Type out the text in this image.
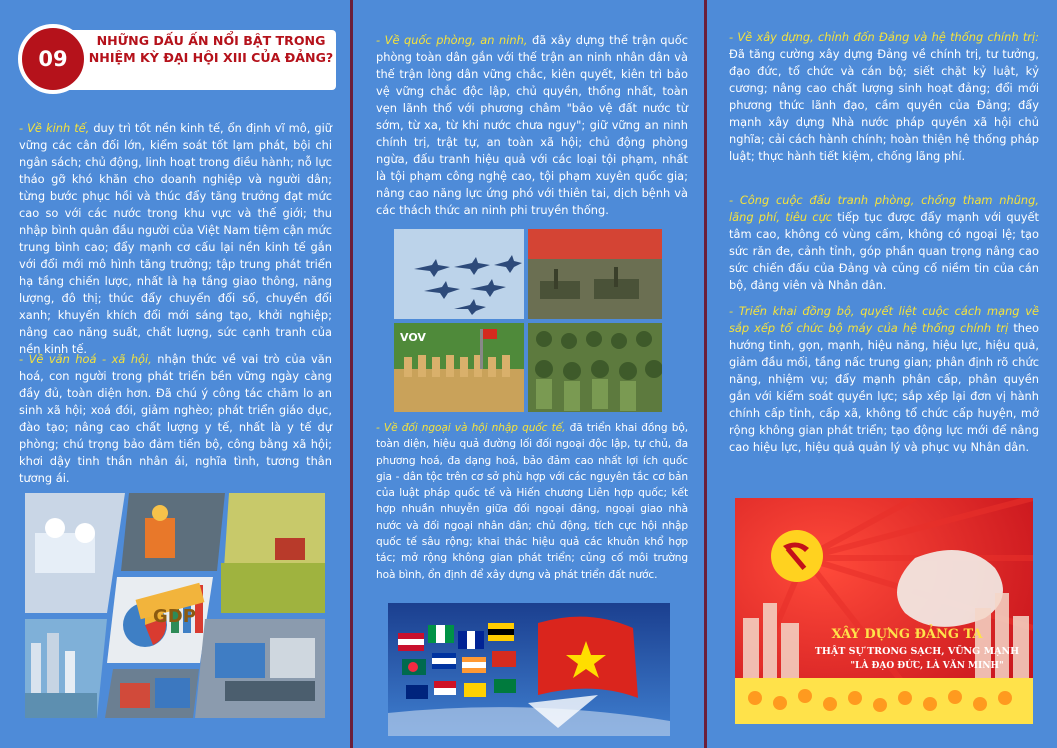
09
NHỮNG DẤU ẤN NỔI BẬT TRONG NHIỆM KỲ ĐẠI HỘI XIII CỦA ĐẢNG?

- Về kinh tế, duy trì tốt nền kinh tế, ổn định vĩ mô, giữ vững các cân đối lớn, kiểm soát tốt lạm phát, bội chi ngân sách; chủ động, linh hoạt trong điều hành; nỗ lực tháo gỡ khó khăn cho doanh nghiệp và người dân; từng bước phục hồi và thúc đẩy tăng trưởng đạt mức cao so với các nước trong khu vực và thế giới; thu nhập bình quân đầu người của Việt Nam tiệm cận mức trung bình cao; đẩy mạnh cơ cấu lại nền kinh tế gắn với đổi mới mô hình tăng trưởng; tập trung phát triển hạ tầng chiến lược, nhất là hạ tầng giao thông, năng lượng, đô thị; thúc đẩy chuyển đổi số, chuyển đổi xanh; khuyến khích đổi mới sáng tạo, khởi nghiệp; nâng cao năng suất, chất lượng, sức cạnh tranh của nền kinh tế.

- Về văn hoá - xã hội, nhận thức về vai trò của văn hoá, con người trong phát triển bền vững ngày càng đầy đủ, toàn diện hơn. Đã chú ý công tác chăm lo an sinh xã hội; xoá đói, giảm nghèo; phát triển giáo dục, đào tạo; nâng cao chất lượng y tế, nhất là y tế dự phòng; chú trọng bảo đảm tiến bộ, công bằng xã hội; khơi dậy tinh thần nhân ái, nghĩa tình, tương thân tương ái.

GDP

- Về quốc phòng, an ninh, đã xây dựng thế trận quốc phòng toàn dân gắn với thế trận an ninh nhân dân và thế trận lòng dân vững chắc, kiên quyết, kiên trì bảo vệ vững chắc độc lập, chủ quyền, thống nhất, toàn vẹn lãnh thổ với phương châm "bảo vệ đất nước từ sớm, từ xa, từ khi nước chưa nguy"; giữ vững an ninh chính trị, trật tự, an toàn xã hội; chủ động phòng ngừa, đấu tranh hiệu quả với các loại tội phạm, nhất là tội phạm công nghệ cao, tội phạm xuyên quốc gia; nâng cao năng lực ứng phó với thiên tai, dịch bệnh và các thách thức an ninh phi truyền thống.

VOV

- Về đối ngoại và hội nhập quốc tế, đã triển khai đồng bộ, toàn diện, hiệu quả đường lối đối ngoại độc lập, tự chủ, đa phương hoá, đa dạng hoá, bảo đảm cao nhất lợi ích quốc gia - dân tộc trên cơ sở phù hợp với các nguyên tắc cơ bản của luật pháp quốc tế và Hiến chương Liên hợp quốc; kết hợp nhuần nhuyễn giữa đối ngoại đảng, ngoại giao nhà nước và đối ngoại nhân dân; chủ động, tích cực hội nhập quốc tế sâu rộng; khai thác hiệu quả các khuôn khổ hợp tác; mở rộng không gian phát triển; củng cố môi trường hoà bình, ổn định để xây dựng và phát triển đất nước.

- Về xây dựng, chỉnh đốn Đảng và hệ thống chính trị: Đã tăng cường xây dựng Đảng về chính trị, tư tưởng, đạo đức, tổ chức và cán bộ; siết chặt kỷ luật, kỷ cương; nâng cao chất lượng sinh hoạt đảng; đổi mới phương thức lãnh đạo, cầm quyền của Đảng; đẩy mạnh xây dựng Nhà nước pháp quyền xã hội chủ nghĩa; cải cách hành chính; hoàn thiện hệ thống pháp luật; thực hành tiết kiệm, chống lãng phí.

- Công cuộc đấu tranh phòng, chống tham nhũng, lãng phí, tiêu cực tiếp tục được đẩy mạnh với quyết tâm cao, không có vùng cấm, không có ngoại lệ; tạo sức răn đe, cảnh tỉnh, góp phần quan trọng nâng cao sức chiến đấu của Đảng và củng cố niềm tin của cán bộ, đảng viên và Nhân dân.

- Triển khai đồng bộ, quyết liệt cuộc cách mạng về sắp xếp tổ chức bộ máy của hệ thống chính trị theo hướng tinh, gọn, mạnh, hiệu năng, hiệu lực, hiệu quả, giảm đầu mối, tầng nấc trung gian; phân định rõ chức năng, nhiệm vụ; đẩy mạnh phân cấp, phân quyền gắn với kiểm soát quyền lực; sắp xếp lại đơn vị hành chính cấp tỉnh, cấp xã, không tổ chức cấp huyện, mở rộng không gian phát triển; tạo động lực mới để nâng cao hiệu lực, hiệu quả quản lý và phục vụ Nhân dân.

XÂY DỰNG ĐẢNG TA
THẬT SỰ TRONG SẠCH, VỮNG MẠNH
"LÀ ĐẠO ĐỨC, LÀ VĂN MINH"
